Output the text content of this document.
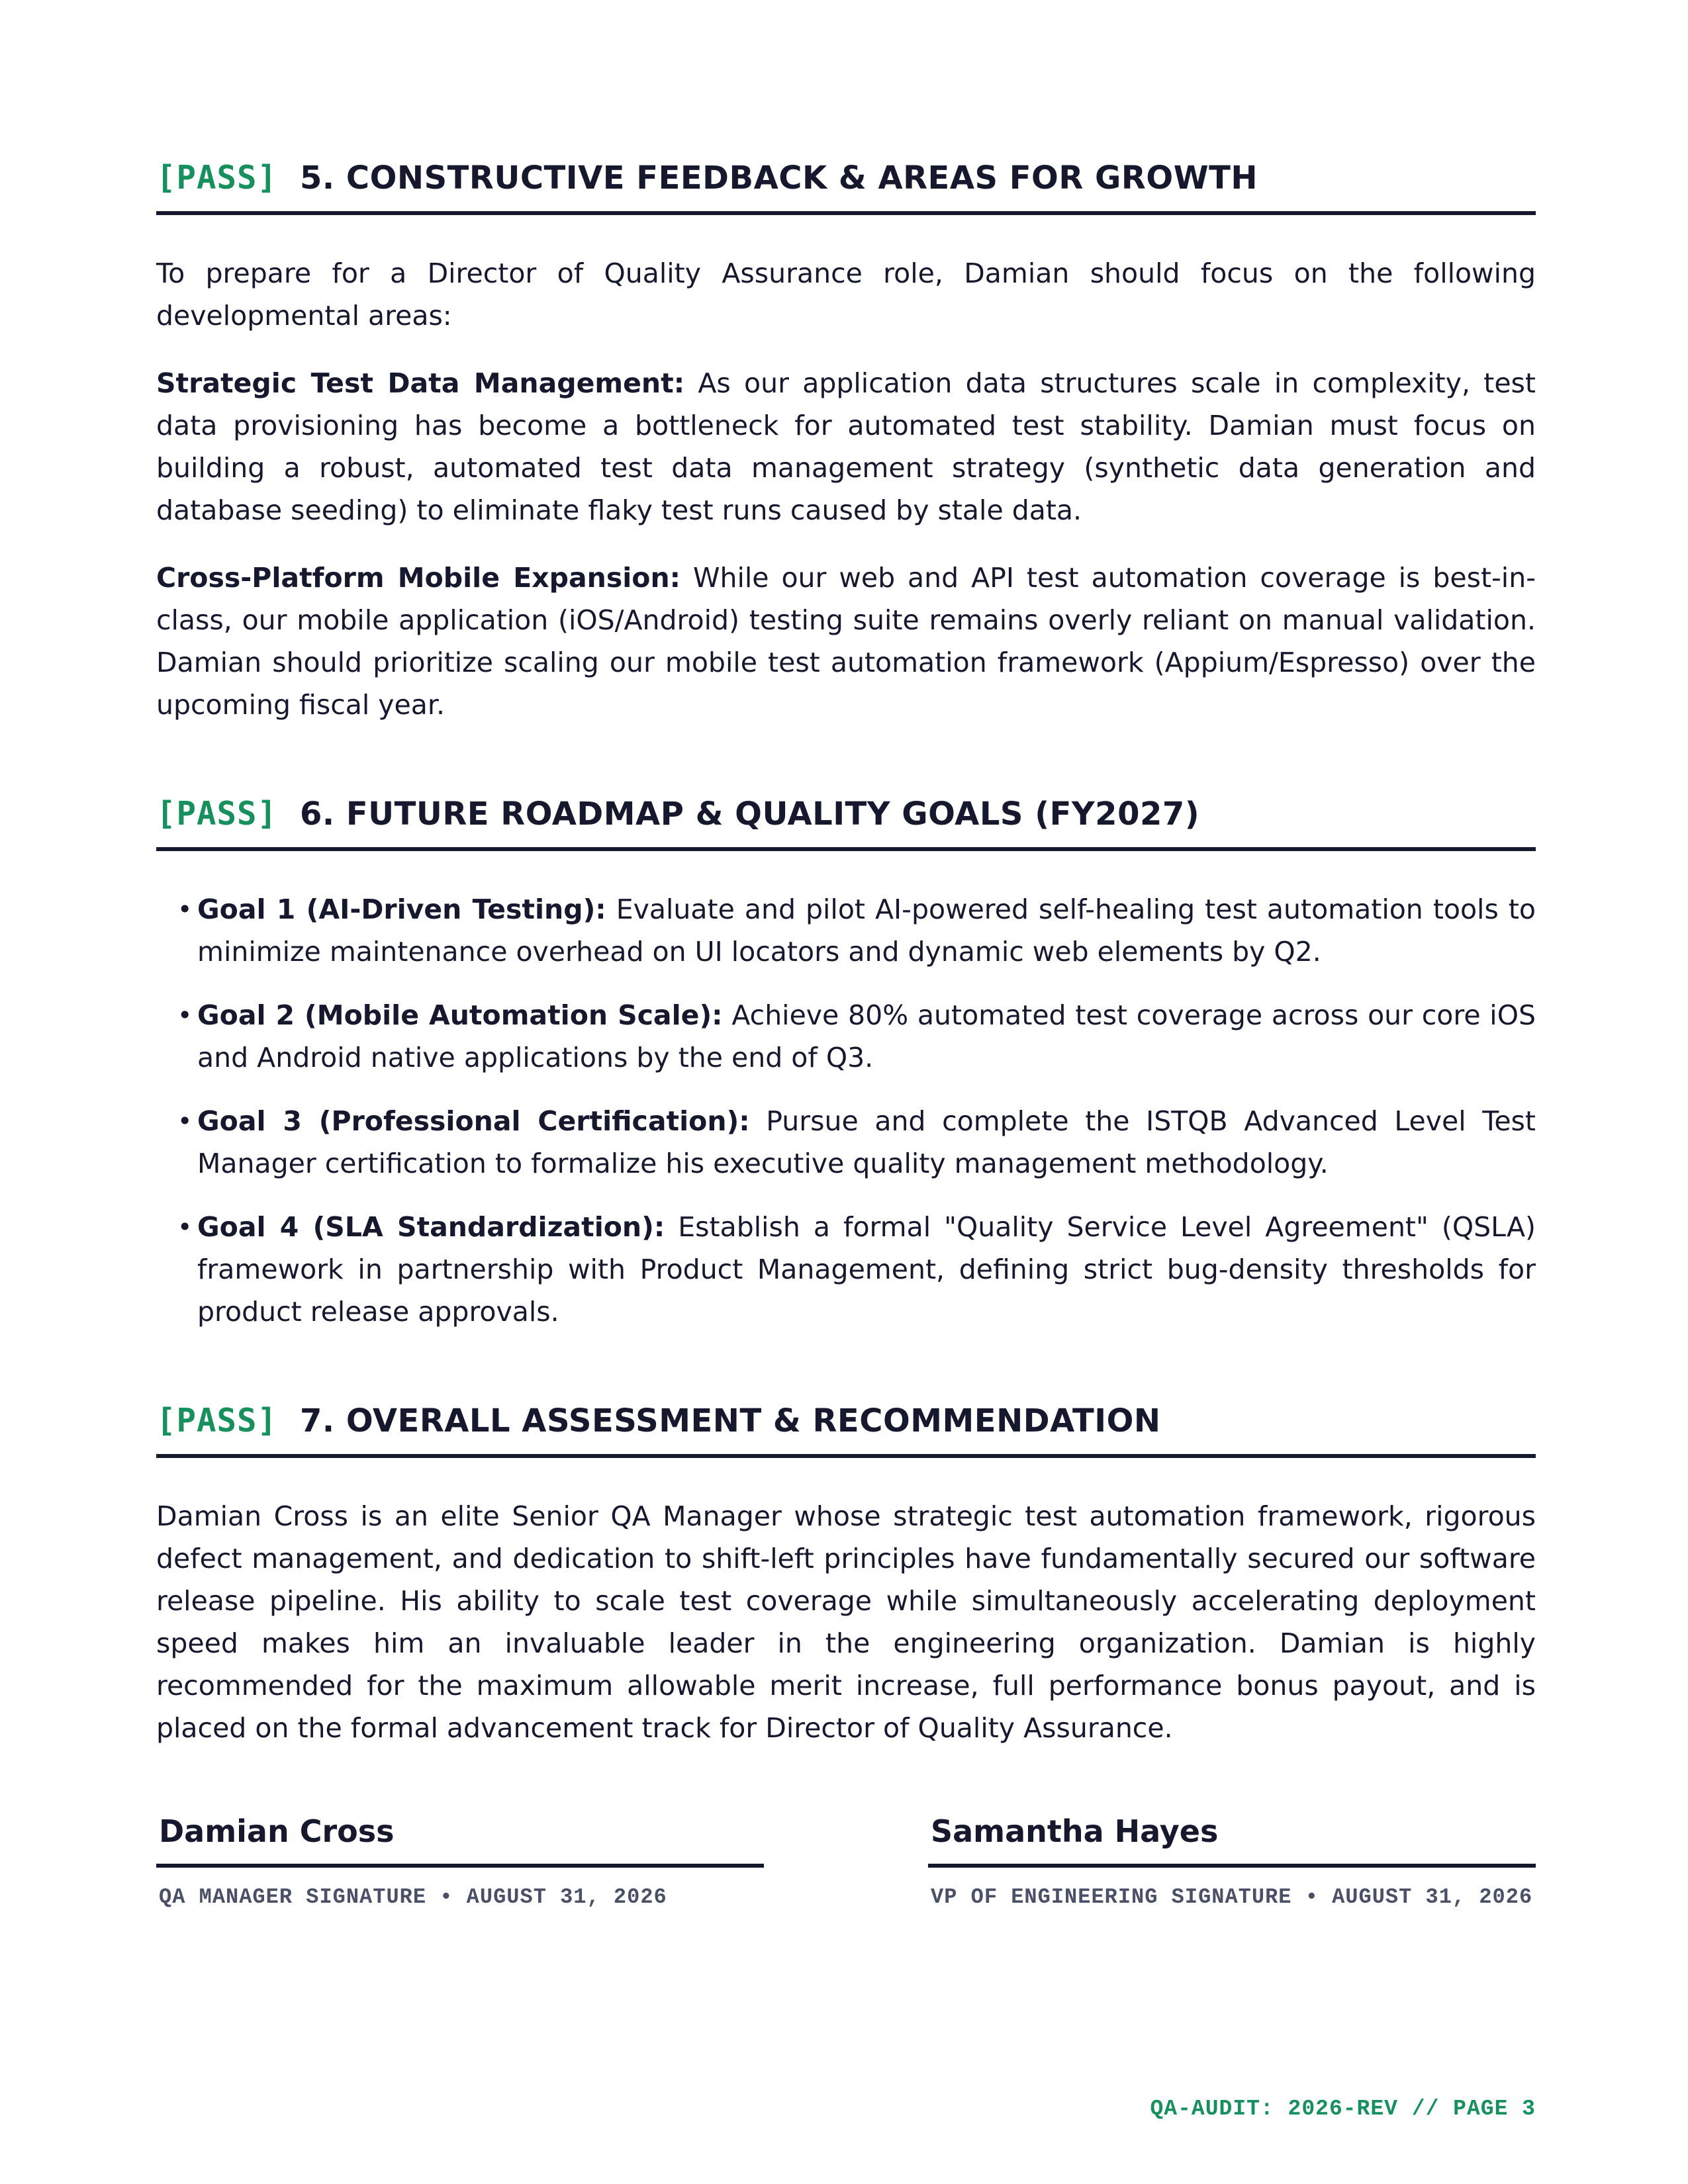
[PASS] 5. CONSTRUCTIVE FEEDBACK & AREAS FOR GROWTH

To prepare for a Director of Quality Assurance role, Damian should focus on the following developmental areas:

Strategic Test Data Management: As our application data structures scale in complexity, test data provisioning has become a bottleneck for automated test stability. Damian must focus on building a robust, automated test data management strategy (synthetic data generation and database seeding) to eliminate flaky test runs caused by stale data.

Cross-Platform Mobile Expansion: While our web and API test automation coverage is best-in-class, our mobile application (iOS/Android) testing suite remains overly reliant on manual validation. Damian should prioritize scaling our mobile test automation framework (Appium/Espresso) over the upcoming fiscal year.

[PASS] 6. FUTURE ROADMAP & QUALITY GOALS (FY2027)
• Goal 1 (AI-Driven Testing): Evaluate and pilot AI-powered self-healing test automation tools to minimize maintenance overhead on UI locators and dynamic web elements by Q2.
• Goal 2 (Mobile Automation Scale): Achieve 80% automated test coverage across our core iOS and Android native applications by the end of Q3.
• Goal 3 (Professional Certification): Pursue and complete the ISTQB Advanced Level Test Manager certification to formalize his executive quality management methodology.
• Goal 4 (SLA Standardization): Establish a formal "Quality Service Level Agreement" (QSLA) framework in partnership with Product Management, defining strict bug-density thresholds for product release approvals.
[PASS] 7. OVERALL ASSESSMENT & RECOMMENDATION

Damian Cross is an elite Senior QA Manager whose strategic test automation framework, rigorous defect management, and dedication to shift-left principles have fundamentally secured our software release pipeline. His ability to scale test coverage while simultaneously accelerating deployment speed makes him an invaluable leader in the engineering organization. Damian is highly recommended for the maximum allowable merit increase, full performance bonus payout, and is placed on the formal advancement track for Director of Quality Assurance.

Damian Cross
QA MANAGER SIGNATURE • AUGUST 31, 2026
Samantha Hayes
VP OF ENGINEERING SIGNATURE • AUGUST 31, 2026
QA-AUDIT: 2026-REV // PAGE 3
